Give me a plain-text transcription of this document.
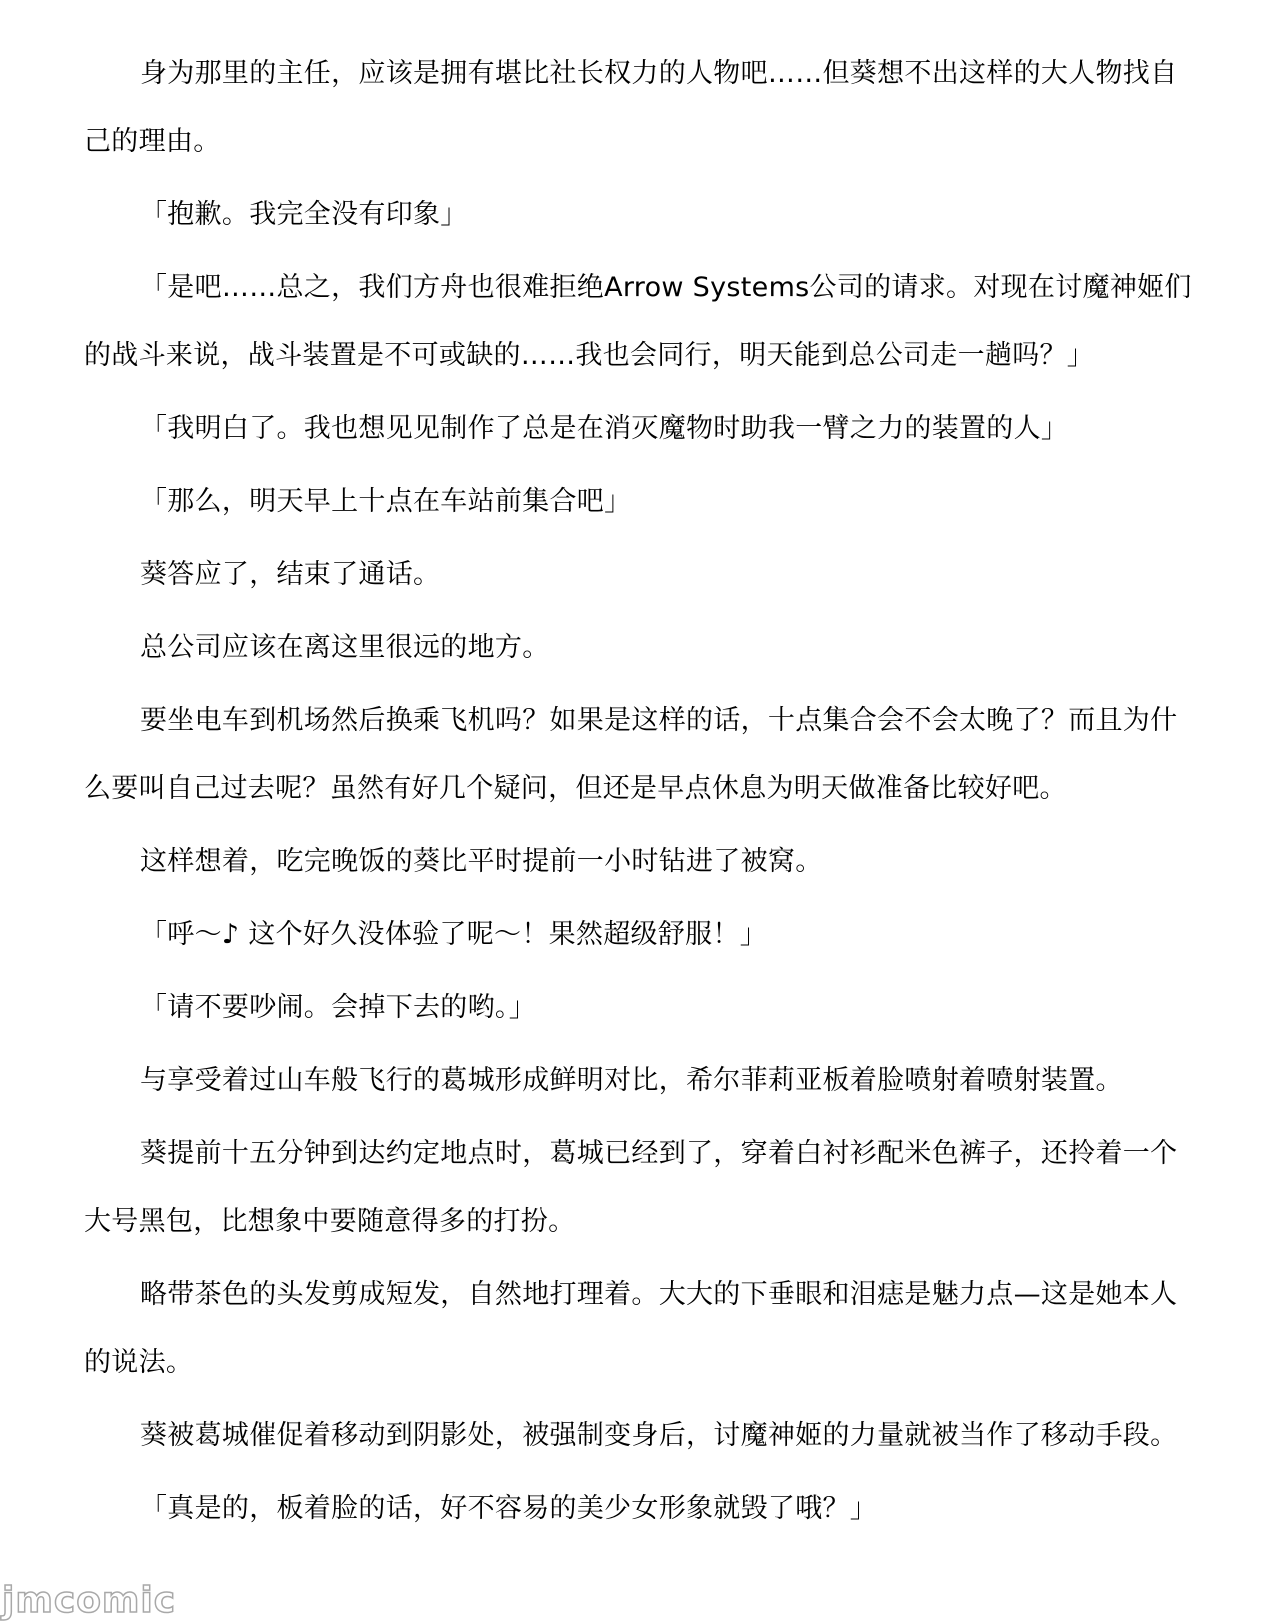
身为那里的主任，应该是拥有堪比社长权力的人物吧……但葵想不出这样的大人物找自己的理由。

「抱歉。我完全没有印象」

「是吧……总之，我们方舟也很难拒绝Arrow Systems公司的请求。对现在讨魔神姬们的战斗来说，战斗装置是不可或缺的……我也会同行，明天能到总公司走一趟吗？」

「我明白了。我也想见见制作了总是在消灭魔物时助我一臂之力的装置的人」

「那么，明天早上十点在车站前集合吧」

葵答应了，结束了通话。

总公司应该在离这里很远的地方。

要坐电车到机场然后换乘飞机吗？如果是这样的话，十点集合会不会太晚了？而且为什么要叫自己过去呢？虽然有好几个疑问，但还是早点休息为明天做准备比较好吧。

这样想着，吃完晚饭的葵比平时提前一小时钻进了被窝。

「呼～♪ 这个好久没体验了呢～！果然超级舒服！」

「请不要吵闹。会掉下去的哟。」

与享受着过山车般飞行的葛城形成鲜明对比，希尔菲莉亚板着脸喷射着喷射装置。

葵提前十五分钟到达约定地点时，葛城已经到了，穿着白衬衫配米色裤子，还拎着一个大号黑包，比想象中要随意得多的打扮。

略带茶色的头发剪成短发，自然地打理着。大大的下垂眼和泪痣是魅力点—这是她本人的说法。

葵被葛城催促着移动到阴影处，被强制变身后，讨魔神姬的力量就被当作了移动手段。

「真是的，板着脸的话，好不容易的美少女形象就毁了哦？」

jmcomic
